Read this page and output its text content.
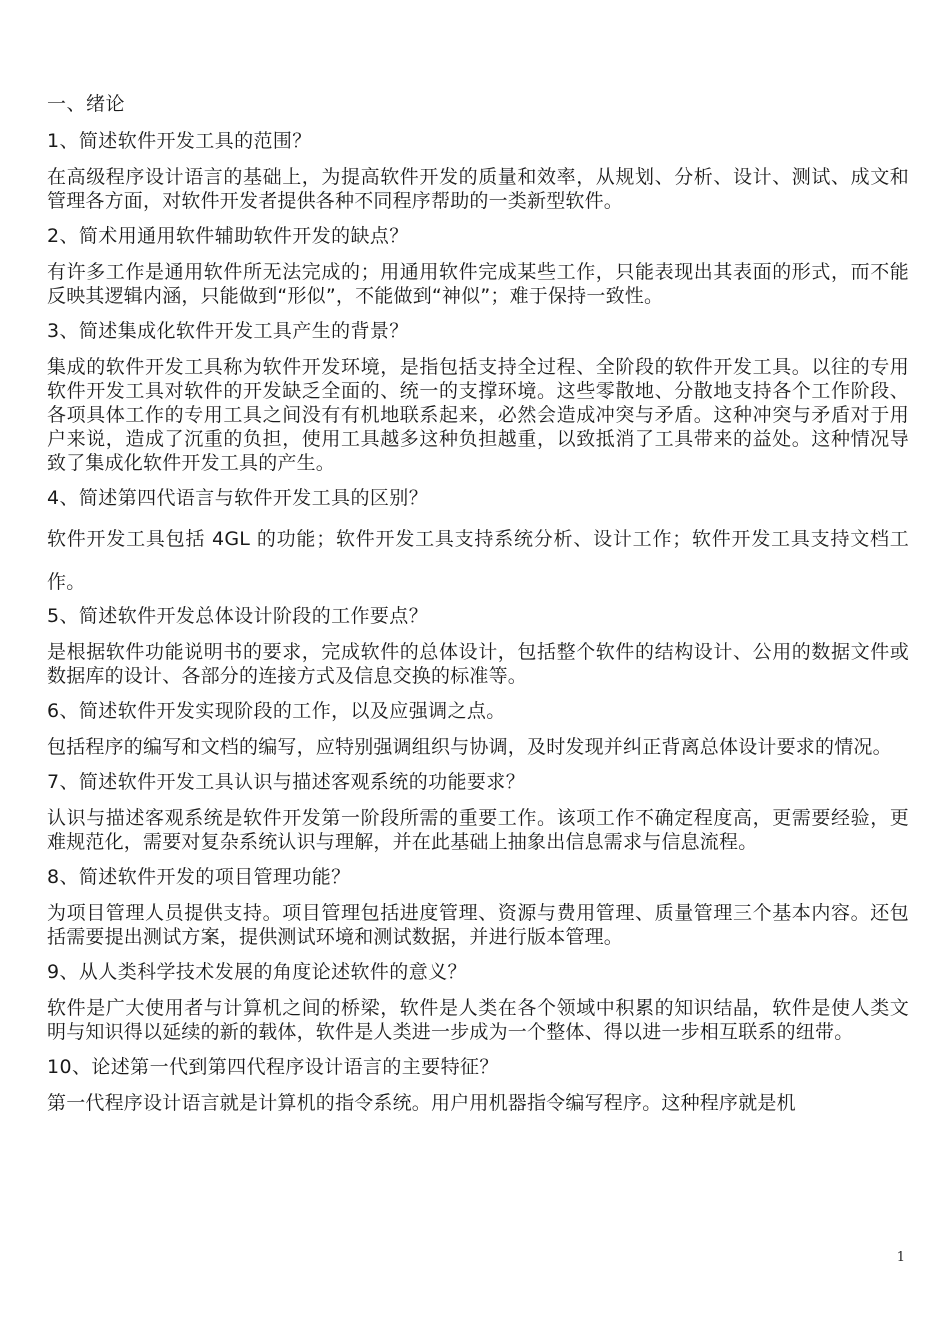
一、绪论
1、简述软件开发工具的范围？
在高级程序设计语言的基础上，为提高软件开发的质量和效率，从规划、分析、设计、测试、成文和管理各方面，对软件开发者提供各种不同程序帮助的一类新型软件。
2、简术用通用软件辅助软件开发的缺点？
有许多工作是通用软件所无法完成的；用通用软件完成某些工作，只能表现出其表面的形式，而不能反映其逻辑内涵，只能做到“形似”，不能做到“神似”；难于保持一致性。
3、简述集成化软件开发工具产生的背景？
集成的软件开发工具称为软件开发环境，是指包括支持全过程、全阶段的软件开发工具。以往的专用软件开发工具对软件的开发缺乏全面的、统一的支撑环境。这些零散地、分散地支持各个工作阶段、各项具体工作的专用工具之间没有有机地联系起来，必然会造成冲突与矛盾。这种冲突与矛盾对于用户来说，造成了沉重的负担，使用工具越多这种负担越重，以致抵消了工具带来的益处。这种情况导致了集成化软件开发工具的产生。
4、简述第四代语言与软件开发工具的区别？
软件开发工具包括 4GL 的功能；软件开发工具支持系统分析、设计工作；软件开发工具支持文档工作。
5、简述软件开发总体设计阶段的工作要点？
是根据软件功能说明书的要求，完成软件的总体设计，包括整个软件的结构设计、公用的数据文件或数据库的设计、各部分的连接方式及信息交换的标准等。
6、简述软件开发实现阶段的工作，以及应强调之点。
包括程序的编写和文档的编写，应特别强调组织与协调，及时发现并纠正背离总体设计要求的情况。
7、简述软件开发工具认识与描述客观系统的功能要求？
认识与描述客观系统是软件开发第一阶段所需的重要工作。该项工作不确定程度高，更需要经验，更难规范化，需要对复杂系统认识与理解，并在此基础上抽象出信息需求与信息流程。
8、简述软件开发的项目管理功能？
为项目管理人员提供支持。项目管理包括进度管理、资源与费用管理、质量管理三个基本内容。还包括需要提出测试方案，提供测试环境和测试数据，并进行版本管理。
9、从人类科学技术发展的角度论述软件的意义？
软件是广大使用者与计算机之间的桥梁，软件是人类在各个领域中积累的知识结晶，软件是使人类文明与知识得以延续的新的载体，软件是人类进一步成为一个整体、得以进一步相互联系的纽带。
10、论述第一代到第四代程序设计语言的主要特征？
第一代程序设计语言就是计算机的指令系统。用户用机器指令编写程序。这种程序就是机
1
